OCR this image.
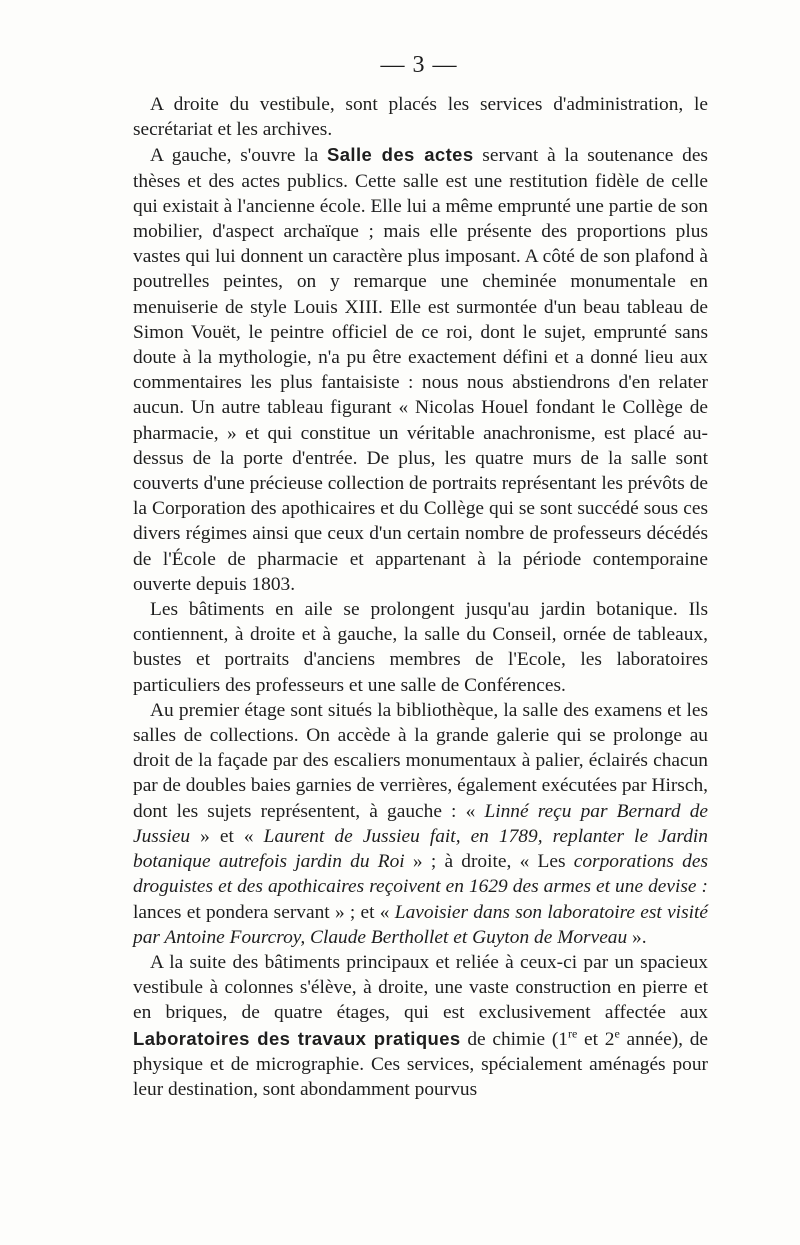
— 3 —

A droite du vestibule, sont placés les services d'administration, le secrétariat et les archives.

A gauche, s'ouvre la Salle des actes servant à la soutenance des thèses et des actes publics. Cette salle est une restitution fidèle de celle qui existait à l'ancienne école. Elle lui a même emprunté une partie de son mobilier, d'aspect archaïque ; mais elle présente des proportions plus vastes qui lui donnent un caractère plus imposant. A côté de son plafond à poutrelles peintes, on y remarque une cheminée monumentale en menuiserie de style Louis XIII. Elle est surmontée d'un beau tableau de Simon Vouët, le peintre officiel de ce roi, dont le sujet, emprunté sans doute à la mythologie, n'a pu être exactement défini et a donné lieu aux commentaires les plus fantaisiste : nous nous abstiendrons d'en relater aucun. Un autre tableau figurant « Nicolas Houel fondant le Collège de pharmacie, » et qui constitue un véritable anachronisme, est placé au-dessus de la porte d'entrée. De plus, les quatre murs de la salle sont couverts d'une précieuse collection de portraits représentant les prévôts de la Corporation des apothicaires et du Collège qui se sont succédé sous ces divers régimes ainsi que ceux d'un certain nombre de professeurs décédés de l'École de pharmacie et appartenant à la période contemporaine ouverte depuis 1803.

Les bâtiments en aile se prolongent jusqu'au jardin botanique. Ils contiennent, à droite et à gauche, la salle du Conseil, ornée de tableaux, bustes et portraits d'anciens membres de l'Ecole, les laboratoires particuliers des professeurs et une salle de Conférences.

Au premier étage sont situés la bibliothèque, la salle des examens et les salles de collections. On accède à la grande galerie qui se prolonge au droit de la façade par des escaliers monumentaux à palier, éclairés chacun par de doubles baies garnies de verrières, également exécutées par Hirsch, dont les sujets représentent, à gauche : « Linné reçu par Bernard de Jussieu » et « Laurent de Jussieu fait, en 1789, replanter le Jardin botanique autrefois jardin du Roi » ; à droite, « Les corporations des droguistes et des apothicaires reçoivent en 1629 des armes et une devise : lances et pondera servant » ; et « Lavoisier dans son laboratoire est visité par Antoine Fourcroy, Claude Berthollet et Guyton de Morveau ».

A la suite des bâtiments principaux et reliée à ceux-ci par un spacieux vestibule à colonnes s'élève, à droite, une vaste construction en pierre et en briques, de quatre étages, qui est exclusivement affectée aux Laboratoires des travaux pratiques de chimie (1re et 2e année), de physique et de micrographie. Ces services, spécialement aménagés pour leur destination, sont abondamment pourvus
